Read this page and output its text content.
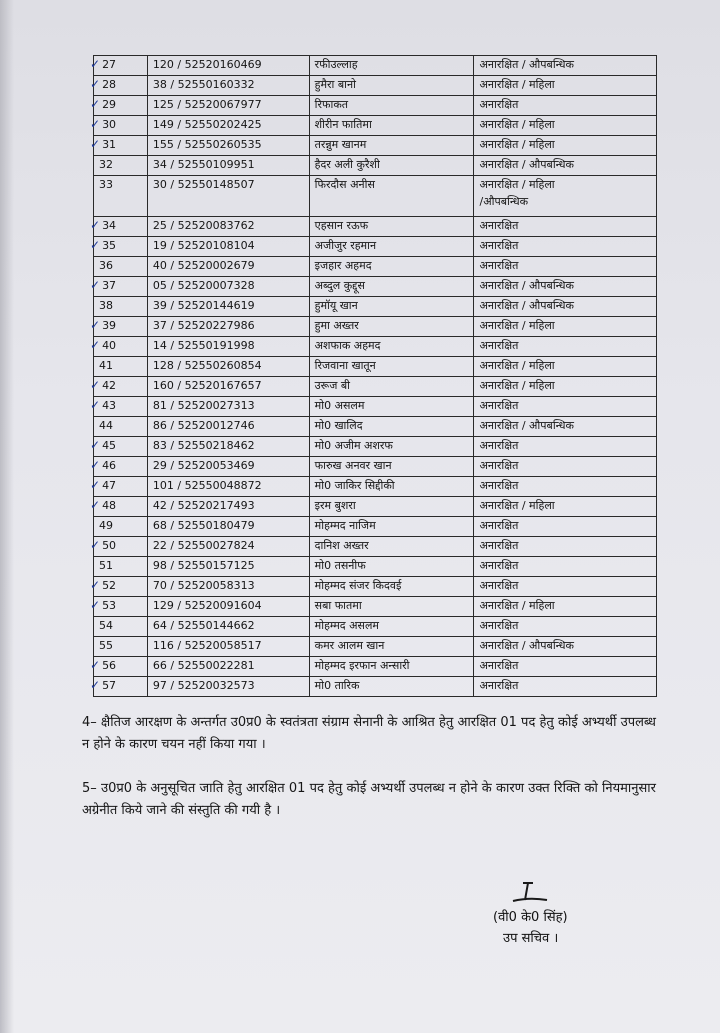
✓ 27	120 / 52520160469	रफीउल्लाह	अनारक्षित / औपबन्धिक

✓ 28	38 / 52550160332	हुमैरा बानो	अनारक्षित / महिला

✓ 29	125 / 52520067977	रिफाकत	अनारक्षित

✓ 30	149 / 52550202425	शीरीन फातिमा	अनारक्षित / महिला

✓ 31	155 / 52550260535	तरन्नुम खानम	अनारक्षित / महिला

32	34 / 52550109951	हैदर अली कुरैशी	अनारक्षित / औपबन्धिक

33	30 / 52550148507	फिरदौस अनीस	अनारक्षित / महिला
/औपबन्धिक

✓ 34	25 / 52520083762	एहसान रऊफ	अनारक्षित

✓ 35	19 / 52520108104	अजीजुर रहमान	अनारक्षित

36	40 / 52520002679	इजहार अहमद	अनारक्षित

✓ 37	05 / 52520007328	अब्दुल कुद्दूस	अनारक्षित / औपबन्धिक

38	39 / 52520144619	हुमॉयू खान	अनारक्षित / औपबन्धिक

✓ 39	37 / 52520227986	हुमा अख्तर	अनारक्षित / महिला

✓ 40	14 / 52550191998	अशफाक अहमद	अनारक्षित

41	128 / 52550260854	रिजवाना खातून	अनारक्षित / महिला

✓ 42	160 / 52520167657	उरूज बी	अनारक्षित / महिला

✓ 43	81 / 52520027313	मो0 असलम	अनारक्षित

44	86 / 52520012746	मो0 खालिद	अनारक्षित / औपबन्धिक

✓ 45	83 / 52550218462	मो0 अजीम अशरफ	अनारक्षित

✓ 46	29 / 52520053469	फारुख अनवर खान	अनारक्षित

✓ 47	101 / 52550048872	मो0 जाकिर सिद्दीकी	अनारक्षित

✓ 48	42 / 52520217493	इरम बुशरा	अनारक्षित / महिला

49	68 / 52550180479	मोहम्मद नाजिम	अनारक्षित

✓ 50	22 / 52550027824	दानिश अख्तर	अनारक्षित

51	98 / 52550157125	मो0 तसनीफ	अनारक्षित

✓ 52	70 / 52520058313	मोहम्मद संजर किदवई	अनारक्षित

✓ 53	129 / 52520091604	सबा फातमा	अनारक्षित / महिला

54	64 / 52550144662	मोहम्मद असलम	अनारक्षित

55	116 / 52520058517	कमर आलम खान	अनारक्षित / औपबन्धिक

✓ 56	66 / 52550022281	मोहम्मद इरफान अन्सारी	अनारक्षित

✓ 57	97 / 52520032573	मो0 तारिक	अनारक्षित
4– क्षैतिज आरक्षण के अन्तर्गत उ0प्र0 के स्वतंत्रता संग्राम सेनानी के आश्रित हेतु आरक्षित 01 पद हेतु कोई अभ्यर्थी उपलब्ध न होने के कारण चयन नहीं किया गया ।
5– उ0प्र0 के अनुसूचित जाति हेतु आरक्षित 01 पद हेतु कोई अभ्यर्थी उपलब्ध न होने के कारण उक्त रिक्ति को नियमानुसार अग्रेनीत किये जाने की संस्तुति की गयी है ।
(वी0 के0 सिंह)
उप सचिव ।
